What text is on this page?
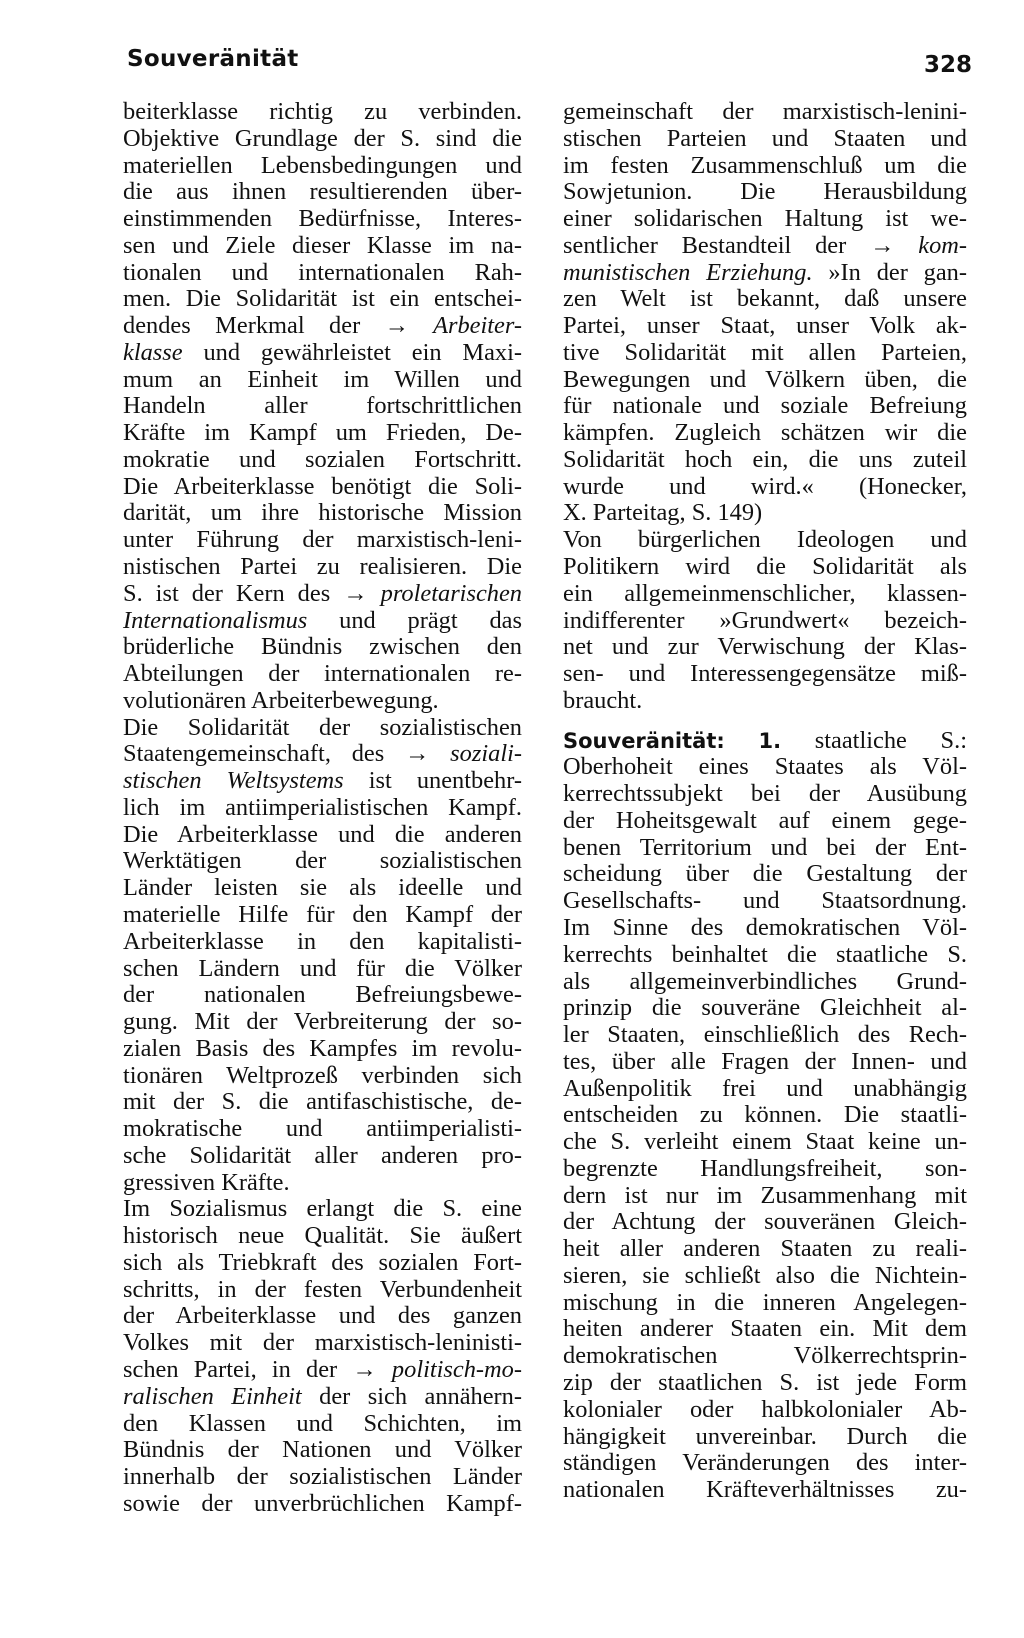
Souveränität	328
beiterklasse richtig zu verbinden.
Objektive Grundlage der S. sind die
materiellen Lebensbedingungen und
die aus ihnen resultierenden über-
einstimmenden Bedürfnisse, Interes-
sen und Ziele dieser Klasse im na-
tionalen und internationalen Rah-
men. Die Solidarität ist ein entschei-
dendes Merkmal der → Arbeiter-
klasse und gewährleistet ein Maxi-
mum an Einheit im Willen und
Handeln aller fortschrittlichen
Kräfte im Kampf um Frieden, De-
mokratie und sozialen Fortschritt.
Die Arbeiterklasse benötigt die Soli-
darität, um ihre historische Mission
unter Führung der marxistisch-leni-
nistischen Partei zu realisieren. Die
S. ist der Kern des → proletarischen
Internationalismus und prägt das
brüderliche Bündnis zwischen den
Abteilungen der internationalen re-
volutionären Arbeiterbewegung.
Die Solidarität der sozialistischen
Staatengemeinschaft, des → soziali-
stischen Weltsystems ist unentbehr-
lich im antiimperialistischen Kampf.
Die Arbeiterklasse und die anderen
Werktätigen der sozialistischen
Länder leisten sie als ideelle und
materielle Hilfe für den Kampf der
Arbeiterklasse in den kapitalisti-
schen Ländern und für die Völker
der nationalen Befreiungsbewe-
gung. Mit der Verbreiterung der so-
zialen Basis des Kampfes im revolu-
tionären Weltprozeß verbinden sich
mit der S. die antifaschistische, de-
mokratische und antiimperialisti-
sche Solidarität aller anderen pro-
gressiven Kräfte.
Im Sozialismus erlangt die S. eine
historisch neue Qualität. Sie äußert
sich als Triebkraft des sozialen Fort-
schritts, in der festen Verbundenheit
der Arbeiterklasse und des ganzen
Volkes mit der marxistisch-leninisti-
schen Partei, in der → politisch-mo-
ralischen Einheit der sich annähern-
den Klassen und Schichten, im
Bündnis der Nationen und Völker
innerhalb der sozialistischen Länder
sowie der unverbrüchlichen Kampf-
gemeinschaft der marxistisch-lenini-
stischen Parteien und Staaten und
im festen Zusammenschluß um die
Sowjetunion. Die Herausbildung
einer solidarischen Haltung ist we-
sentlicher Bestandteil der → kom-
munistischen Erziehung. »In der gan-
zen Welt ist bekannt, daß unsere
Partei, unser Staat, unser Volk ak-
tive Solidarität mit allen Parteien,
Bewegungen und Völkern üben, die
für nationale und soziale Befreiung
kämpfen. Zugleich schätzen wir die
Solidarität hoch ein, die uns zuteil
wurde und wird.« (Honecker,
X. Parteitag, S. 149)
Von bürgerlichen Ideologen und
Politikern wird die Solidarität als
ein allgemeinmenschlicher, klassen-
indifferenter »Grundwert« bezeich-
net und zur Verwischung der Klas-
sen- und Interessengegensätze miß-
braucht.
Souveränität: 1. staatliche S.:
Oberhoheit eines Staates als Völ-
kerrechtssubjekt bei der Ausübung
der Hoheitsgewalt auf einem gege-
benen Territorium und bei der Ent-
scheidung über die Gestaltung der
Gesellschafts- und Staatsordnung.
Im Sinne des demokratischen Völ-
kerrechts beinhaltet die staatliche S.
als allgemeinverbindliches Grund-
prinzip die souveräne Gleichheit al-
ler Staaten, einschließlich des Rech-
tes, über alle Fragen der Innen- und
Außenpolitik frei und unabhängig
entscheiden zu können. Die staatli-
che S. verleiht einem Staat keine un-
begrenzte Handlungsfreiheit, son-
dern ist nur im Zusammenhang mit
der Achtung der souveränen Gleich-
heit aller anderen Staaten zu reali-
sieren, sie schließt also die Nichtein-
mischung in die inneren Angelegen-
heiten anderer Staaten ein. Mit dem
demokratischen Völkerrechtsprin-
zip der staatlichen S. ist jede Form
kolonialer oder halbkolonialer Ab-
hängigkeit unvereinbar. Durch die
ständigen Veränderungen des inter-
nationalen Kräfteverhältnisses zu-
